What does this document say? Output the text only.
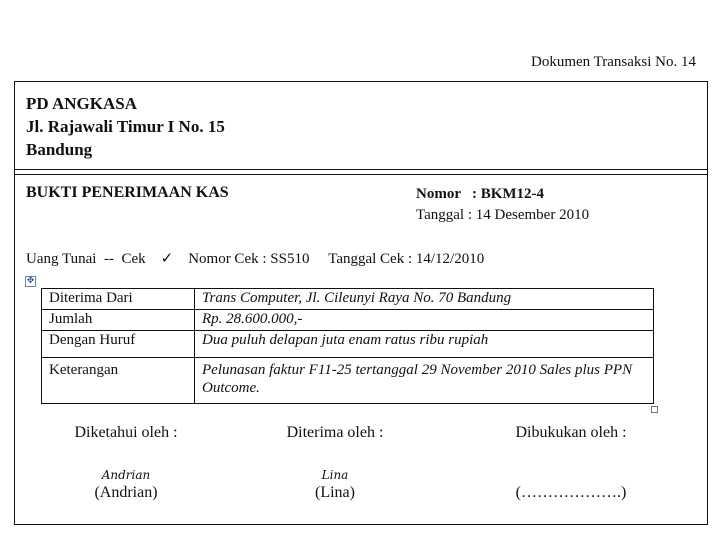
Dokumen Transaksi No. 14
PD ANGKASA
Jl. Rajawali Timur I No. 15
Bandung
BUKTI PENERIMAAN KAS	Nomor   : BKM12-4
Tanggal : 14 Desember 2010
Uang Tunai -- Cek ✓ Nomor Cek : SS510 Tanggal Cek : 14/12/2010
✥
Diterima Dari	Trans Computer, Jl. Cileunyi Raya No. 70 Bandung
Jumlah	Rp. 28.600.000,-
Dengan Huruf	Dua puluh delapan juta enam ratus ribu rupiah
Keterangan	Pelunasan faktur F11-25 tertanggal 29 November 2010 Sales plus PPN Outcome.
Diketahui oleh :
Andrian
(Andrian)
Diterima oleh :
Lina
(Lina)
Dibukukan oleh :
(……………….)
